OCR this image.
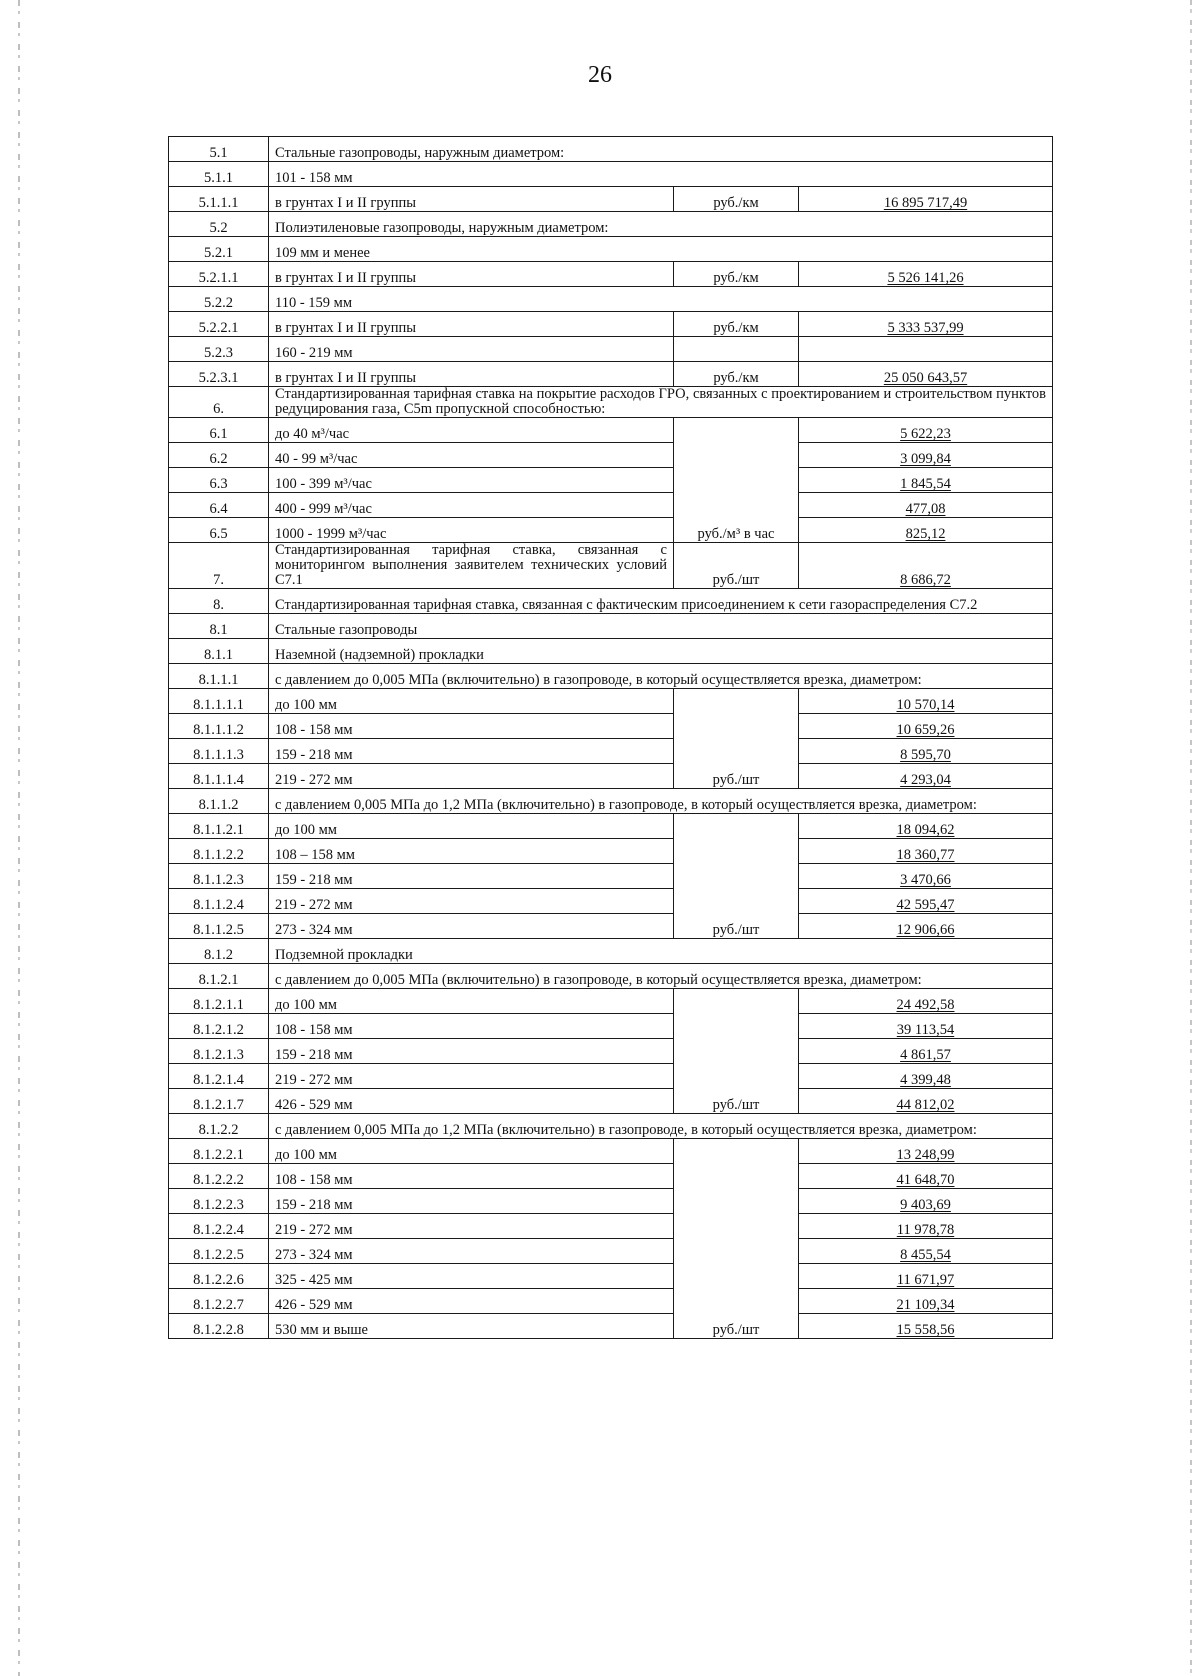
26
5.1	Стальные газопроводы, наружным диаметром:		
5.1.1	101 - 158 мм		
5.1.1.1	в грунтах I и II группы	руб./км	16 895 717,49
5.2	Полиэтиленовые газопроводы, наружным диаметром:		
5.2.1	109 мм и менее		
5.2.1.1	в грунтах I и II группы	руб./км	5 526 141,26
5.2.2	110 - 159 мм		
5.2.2.1	в грунтах I и II группы	руб./км	5 333 537,99
5.2.3	160 - 219 мм		
5.2.3.1	в грунтах I и II группы	руб./км	25 050 643,57
6.	Стандартизированная тарифная ставка на покрытие расходов ГРО, связанных с проектированием и строительством пунктов редуцирования газа, C5m пропускной способностью:		
6.1	до 40 м³/час	руб./м³ в час	5 622,23
6.2	40 - 99 м³/час		3 099,84
6.3	100 - 399 м³/час		1 845,54
6.4	400 - 999 м³/час		477,08
6.5	1000 - 1999 м³/час		825,12
7.	Стандартизированная тарифная ставка, связанная с мониторингом выполнения заявителем технических условий C7.1	руб./шт	8 686,72
8.	Стандартизированная тарифная ставка, связанная с фактическим присоединением к сети газораспределения C7.2		
8.1	Стальные газопроводы		
8.1.1	Наземной (надземной) прокладки		
8.1.1.1	с давлением до 0,005 МПа (включительно) в газопроводе, в который осуществляется врезка, диаметром:		
8.1.1.1.1	до 100 мм	руб./шт	10 570,14
8.1.1.1.2	108 - 158 мм		10 659,26
8.1.1.1.3	159 - 218 мм		8 595,70
8.1.1.1.4	219 - 272 мм		4 293,04
8.1.1.2	с давлением 0,005 МПа до 1,2 МПа (включительно) в газопроводе, в который осуществляется врезка, диаметром:		
8.1.1.2.1	до 100 мм	руб./шт	18 094,62
8.1.1.2.2	108 – 158 мм		18 360,77
8.1.1.2.3	159 - 218 мм		3 470,66
8.1.1.2.4	219 - 272 мм		42 595,47
8.1.1.2.5	273 - 324 мм		12 906,66
8.1.2	Подземной прокладки		
8.1.2.1	с давлением до 0,005 МПа (включительно) в газопроводе, в который осуществляется врезка, диаметром:		
8.1.2.1.1	до 100 мм	руб./шт	24 492,58
8.1.2.1.2	108 - 158 мм		39 113,54
8.1.2.1.3	159 - 218 мм		4 861,57
8.1.2.1.4	219 - 272 мм		4 399,48
8.1.2.1.7	426 - 529 мм		44 812,02
8.1.2.2	с давлением 0,005 МПа до 1,2 МПа (включительно) в газопроводе, в который осуществляется врезка, диаметром:		
8.1.2.2.1	до 100 мм	руб./шт	13 248,99
8.1.2.2.2	108 - 158 мм		41 648,70
8.1.2.2.3	159 - 218 мм		9 403,69
8.1.2.2.4	219 - 272 мм		11 978,78
8.1.2.2.5	273 - 324 мм		8 455,54
8.1.2.2.6	325 - 425 мм		11 671,97
8.1.2.2.7	426 - 529 мм		21 109,34
8.1.2.2.8	530 мм и выше		15 558,56
